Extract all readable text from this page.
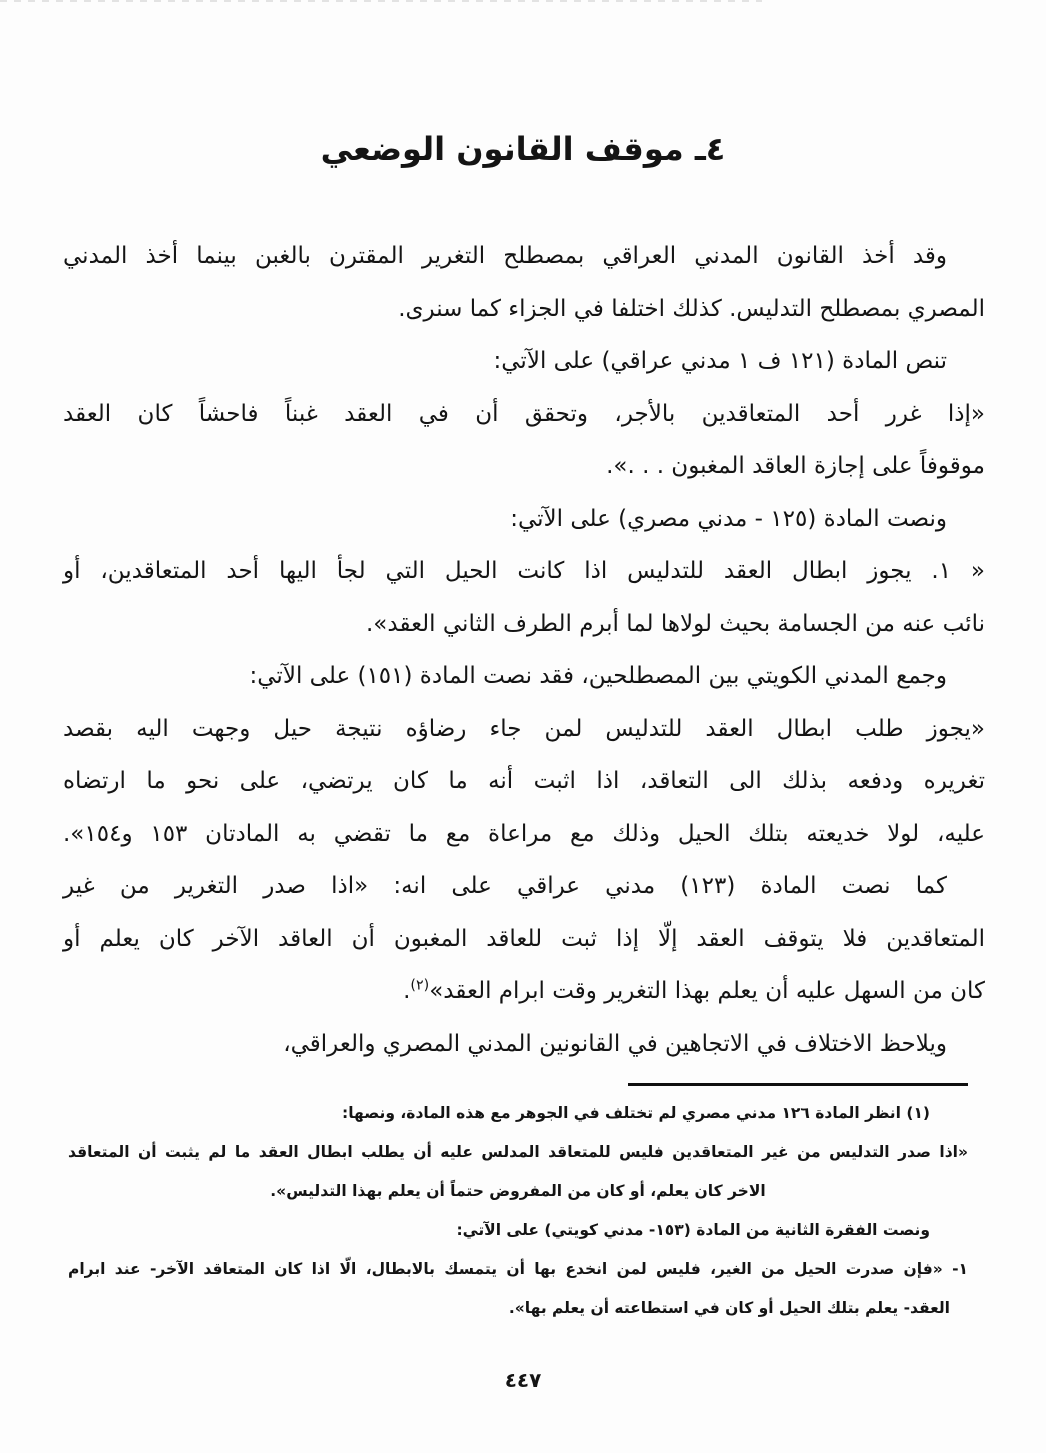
٤ـ موقف القانون الوضعي
وقد أخذ القانون المدني العراقي بمصطلح التغرير المقترن بالغبن بينما أخذ المدني
المصري بمصطلح التدليس. كذلك اختلفا في الجزاء كما سنرى.
تنص المادة (١٢١ ف ١ مدني عراقي) على الآتي:
«إذا غرر أحد المتعاقدين بالأجر، وتحقق أن في العقد غبناً فاحشاً كان العقد
موقوفاً على إجازة العاقد المغبون . . .».
ونصت المادة (١٢٥ - مدني مصري) على الآتي:
« ١. يجوز ابطال العقد للتدليس اذا كانت الحيل التي لجأ اليها أحد المتعاقدين، أو
نائب عنه من الجسامة بحيث لولاها لما أبرم الطرف الثاني العقد».
وجمع المدني الكويتي بين المصطلحين، فقد نصت المادة (١٥١) على الآتي:
«يجوز طلب ابطال العقد للتدليس لمن جاء رضاؤه نتيجة حيل وجهت اليه بقصد
تغريره ودفعه بذلك الى التعاقد، اذا اثبت أنه ما كان يرتضي، على نحو ما ارتضاه
عليه، لولا خديعته بتلك الحيل وذلك مع مراعاة مع ما تقضي به المادتان ١٥٣ و١٥٤».
كما نصت المادة (١٢٣) مدني عراقي على انه: «اذا صدر التغرير من غير
المتعاقدين فلا يتوقف العقد إلّا إذا ثبت للعاقد المغبون أن العاقد الآخر كان يعلم أو
كان من السهل عليه أن يعلم بهذا التغرير وقت ابرام العقد»$^{(٢)}$.
ويلاحظ الاختلاف في الاتجاهين في القانونين المدني المصري والعراقي،
(١) انظر المادة ١٢٦ مدني مصري لم تختلف في الجوهر مع هذه المادة، ونصها:
«اذا صدر التدليس من غير المتعاقدين فليس للمتعاقد المدلس عليه أن يطلب ابطال العقد ما لم يثبت أن المتعاقد
الاخر كان يعلم، أو كان من المفروض حتماً أن يعلم بهذا التدليس».
ونصت الفقرة الثانية من المادة (١٥٣- مدني كويتي) على الآتي:
١- «فإن صدرت الحيل من الغير، فليس لمن انخدع بها أن يتمسك بالابطال، الّا اذا كان المتعاقد الآخر- عند ابرام
العقد- يعلم بتلك الحيل أو كان في استطاعته أن يعلم بها».
٤٤٧
